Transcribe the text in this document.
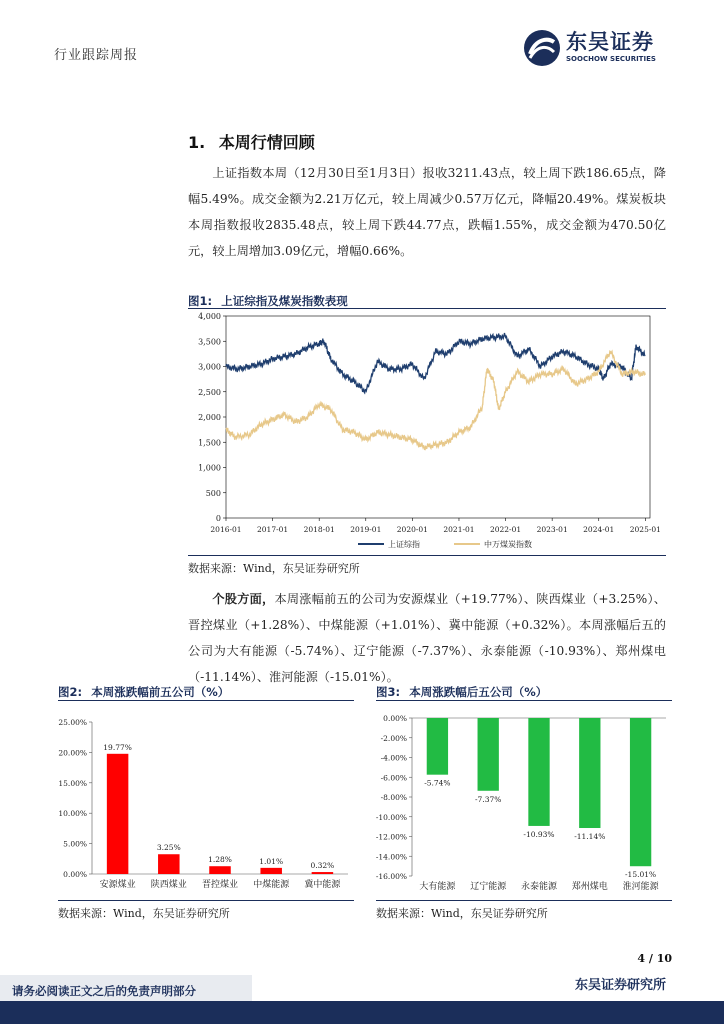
行业跟踪周报
东吴证券
SOOCHOW SECURITIES
1. 本周行情回顾

上证指数本周（12月30日至1月3日）报收3211.43点，较上周下跌186.65点，降幅5.49%。成交金额为2.21万亿元，较上周减少0.57万亿元，降幅20.49%。煤炭板块本周指数报收2835.48点，较上周下跌44.77点，跌幅1.55%，成交金额为470.50亿元，较上周增加3.09亿元，增幅0.66%。

图1: 上证综指及煤炭指数表现
0
500
1,000
1,500
2,000
2,500
3,000
3,500
4,000
2016-01 2017-01 2018-01 2019-01 2020-01 2021-01 2022-01 2023-01 2024-01 2025-01
上证综指	中万煤炭指数
数据来源：Wind，东吴证券研究所

个股方面，本周涨幅前五的公司为安源煤业（+19.77%）、陕西煤业（+3.25%）、晋控煤业（+1.28%）、中煤能源（+1.01%）、冀中能源（+0.32%）。本周涨幅后五的公司为大有能源（-5.74%）、辽宁能源（-7.37%）、永泰能源（-10.93%）、郑州煤电（-11.14%）、淮河能源（-15.01%）。

图2: 本周涨跌幅前五公司（%）
0.00%
5.00%
10.00%
15.00%
20.00%
25.00%
19.77%
安源煤业
3.25%
陕西煤业
1.28%
晋控煤业
1.01%
中煤能源
0.32%
冀中能源
数据来源：Wind，东吴证券研究所
图3: 本周涨跌幅后五公司（%）
0.00%
-2.00%
-4.00%
-6.00%
-8.00%
-10.00%
-12.00%
-14.00%
-16.00%
-5.74%
大有能源
-7.37%
辽宁能源
-10.93%
永泰能源
-11.14%
郑州煤电
-15.01%
淮河能源
数据来源：Wind，东吴证券研究所
4 / 10
请务必阅读正文之后的免责声明部分	东吴证券研究所
